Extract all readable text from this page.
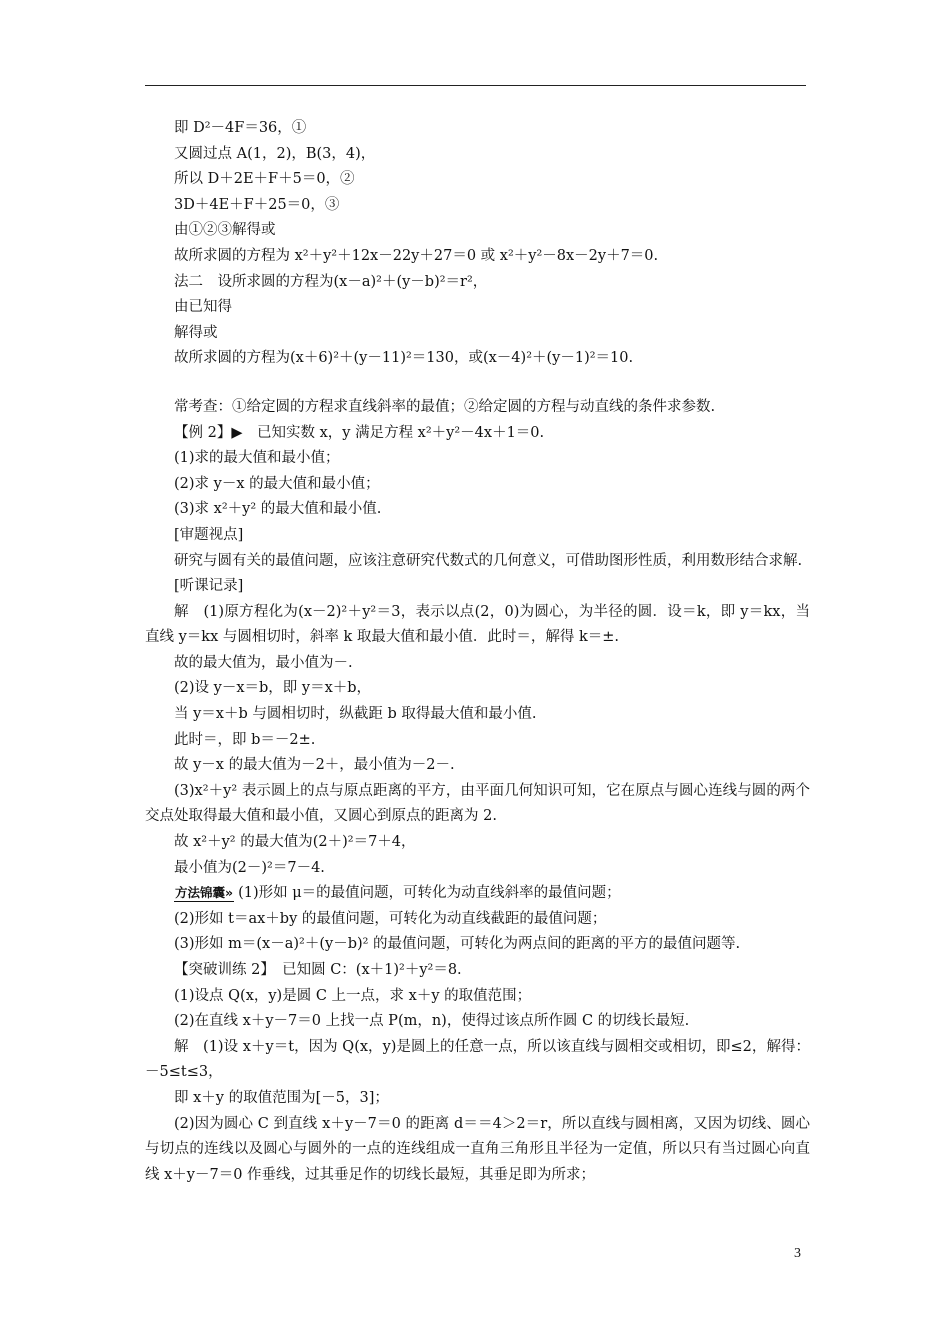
即 D²－4F＝36，①

又圆过点 A(1，2)，B(3，4)，

所以 D＋2E＋F＋5＝0，②

3D＋4E＋F＋25＝0，③

由①②③解得或

故所求圆的方程为 x²＋y²＋12x－22y＋27＝0 或 x²＋y²－8x－2y＋7＝0.

法二　设所求圆的方程为(x－a)²＋(y－b)²＝r²，

由已知得

解得或

故所求圆的方程为(x＋6)²＋(y－11)²＝130，或(x－4)²＋(y－1)²＝10.

常考查：①给定圆的方程求直线斜率的最值；②给定圆的方程与动直线的条件求参数.

【例 2】▶　已知实数 x，y 满足方程 x²＋y²－4x＋1＝0.

(1)求的最大值和最小值；

(2)求 y－x 的最大值和最小值；

(3)求 x²＋y² 的最大值和最小值.

[审题视点]

研究与圆有关的最值问题，应该注意研究代数式的几何意义，可借助图形性质，利用数形结合求解.

[听课记录]

解　(1)原方程化为(x－2)²＋y²＝3，表示以点(2，0)为圆心，为半径的圆．设＝k，即 y＝kx，当直线 y＝kx 与圆相切时，斜率 k 取最大值和最小值．此时＝，解得 k＝±.

故的最大值为，最小值为－.

(2)设 y－x＝b，即 y＝x＋b，

当 y＝x＋b 与圆相切时，纵截距 b 取得最大值和最小值.

此时＝，即 b＝－2±.

故 y－x 的最大值为－2＋，最小值为－2－.

(3)x²＋y² 表示圆上的点与原点距离的平方，由平面几何知识可知，它在原点与圆心连线与圆的两个交点处取得最大值和最小值，又圆心到原点的距离为 2.

故 x²＋y² 的最大值为(2＋)²＝7＋4，

最小值为(2－)²＝7－4.

方法锦囊» (1)形如 μ＝的最值问题，可转化为动直线斜率的最值问题；

(2)形如 t＝ax＋by 的最值问题，可转化为动直线截距的最值问题；

(3)形如 m＝(x－a)²＋(y－b)² 的最值问题，可转化为两点间的距离的平方的最值问题等.

【突破训练 2】　已知圆 C：(x＋1)²＋y²＝8.

(1)设点 Q(x，y)是圆 C 上一点，求 x＋y 的取值范围；

(2)在直线 x＋y－7＝0 上找一点 P(m，n)，使得过该点所作圆 C 的切线长最短.

解　(1)设 x＋y＝t，因为 Q(x，y)是圆上的任意一点，所以该直线与圆相交或相切，即≤2，解得：－5≤t≤3，

即 x＋y 的取值范围为[－5，3]；

(2)因为圆心 C 到直线 x＋y－7＝0 的距离 d＝＝4＞2＝r，所以直线与圆相离，又因为切线、圆心与切点的连线以及圆心与圆外的一点的连线组成一直角三角形且半径为一定值，所以只有当过圆心向直线 x＋y－7＝0 作垂线，过其垂足作的切线长最短，其垂足即为所求；

3
